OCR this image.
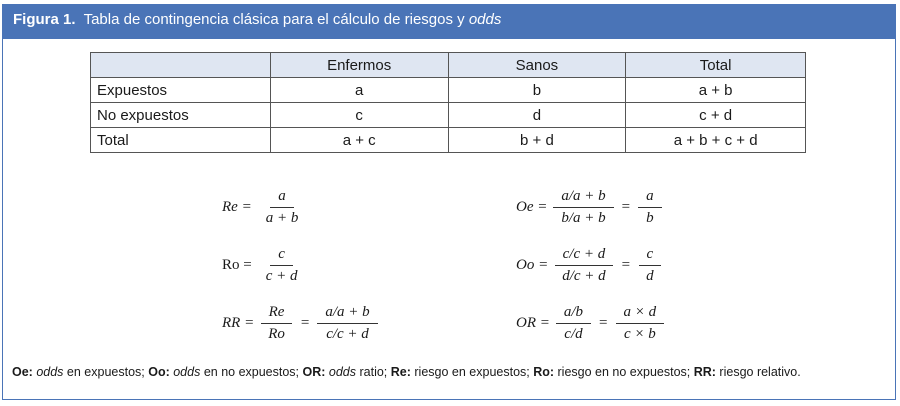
Figura 1. Tabla de contingencia clásica para el cálculo de riesgos y odds
	Enfermos	Sanos	Total
Expuestos	a	b	a + b
No expuestos	c	d	c + d
Total	a + c	b + d	a + b + c + d
$Re = \frac{a}{a + b}$
$Ro = \frac{c}{c + d}$
RR = $\frac{Re}{Ro} = \frac{a/a + b}{c/c + d}$
$Oe = \frac{a/a + b}{b/a + b} = \frac{a}{b}$
$Oo = \frac{c/c + d}{d/c + d} = \frac{c}{d}$
OR = $\frac{a/b}{c/d} = \frac{a \times d}{c \times b}$
Oe: odds en expuestos; Oo: odds en no expuestos; OR: odds ratio; Re: riesgo en expuestos; Ro: riesgo en no expuestos; RR: riesgo relativo.
